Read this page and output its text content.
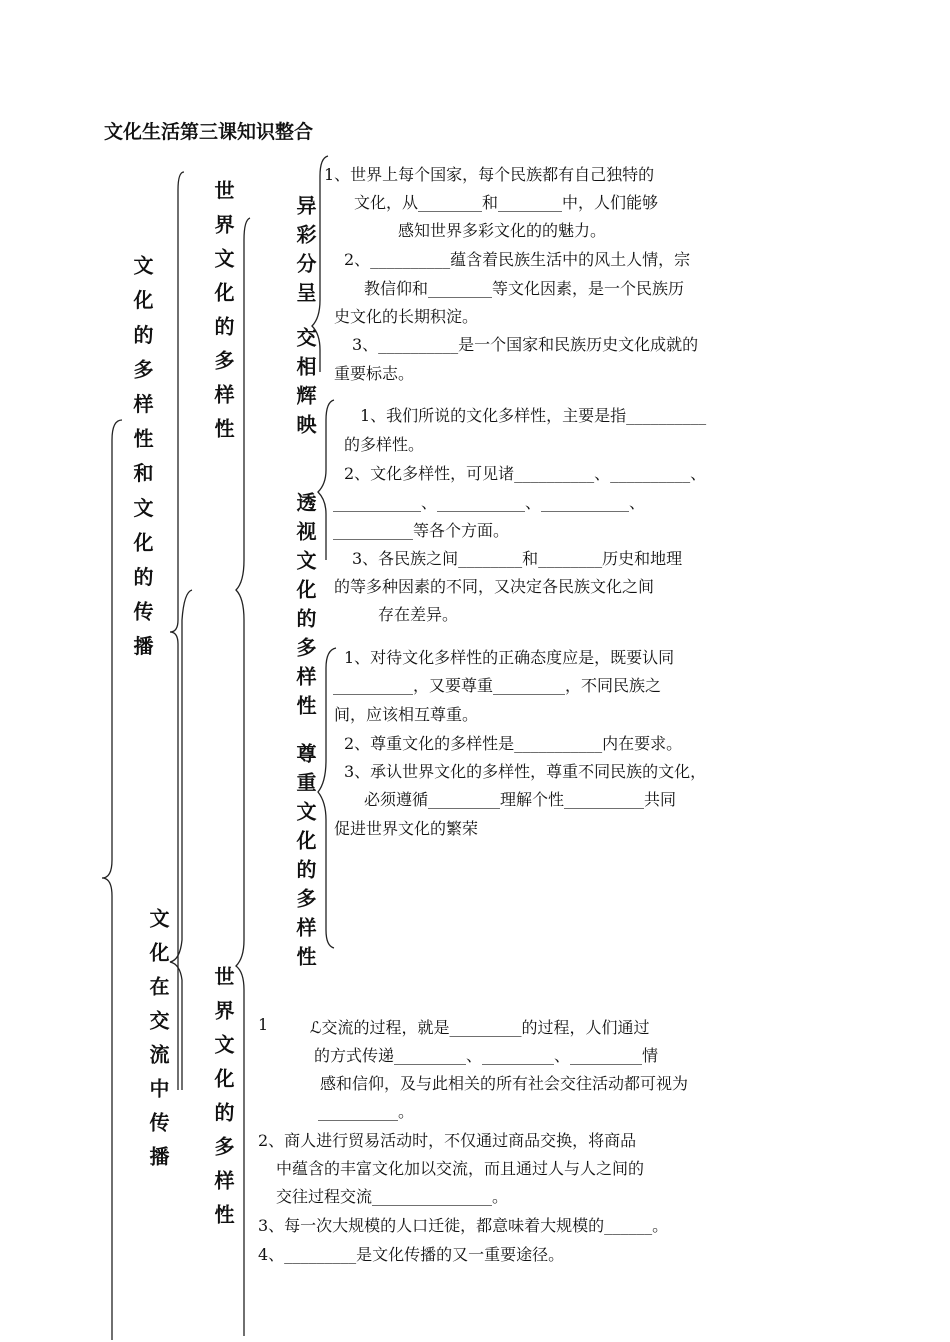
文化生活第三课知识整合
文化的多样性和文化的传播	世界文化的多样性	异彩分呈
交相辉映
透视文化的多样性
尊重文化的多样性
文化在交流中传播 世界文化的多样性
1、世界上每个国家，每个民族都有自己独特的
文化，从________和________中，人们能够
感知世界多彩文化的的魅力。
2、__________蕴含着民族生活中的风土人情，宗
教信仰和________等文化因素，是一个民族历
史文化的长期积淀。
3、__________是一个国家和民族历史文化成就的
重要标志。
1、我们所说的文化多样性，主要是指__________
的多样性。
2、文化多样性，可见诸__________、__________、
___________、___________、___________、
__________等各个方面。
3、各民族之间________和________历史和地理
的等多种因素的不同，又决定各民族文化之间
存在差异。
1、对待文化多样性的正确态度应是，既要认同
__________，又要尊重_________，不同民族之
间，应该相互尊重。
2、尊重文化的多样性是___________内在要求。
3、承认世界文化的多样性，尊重不同民族的文化，
必须遵循_________理解个性__________共同
促进世界文化的繁荣
1	ℒ交流的过程，就是_________的过程，人们通过
的方式传递_________、_________、_________情
感和信仰，及与此相关的所有社会交往活动都可视为
__________。
2、商人进行贸易活动时，不仅通过商品交换，将商品
中蕴含的丰富文化加以交流，而且通过人与人之间的
交往过程交流_______________。
3、每一次大规模的人口迁徙，都意味着大规模的______。
4、_________是文化传播的又一重要途径。
